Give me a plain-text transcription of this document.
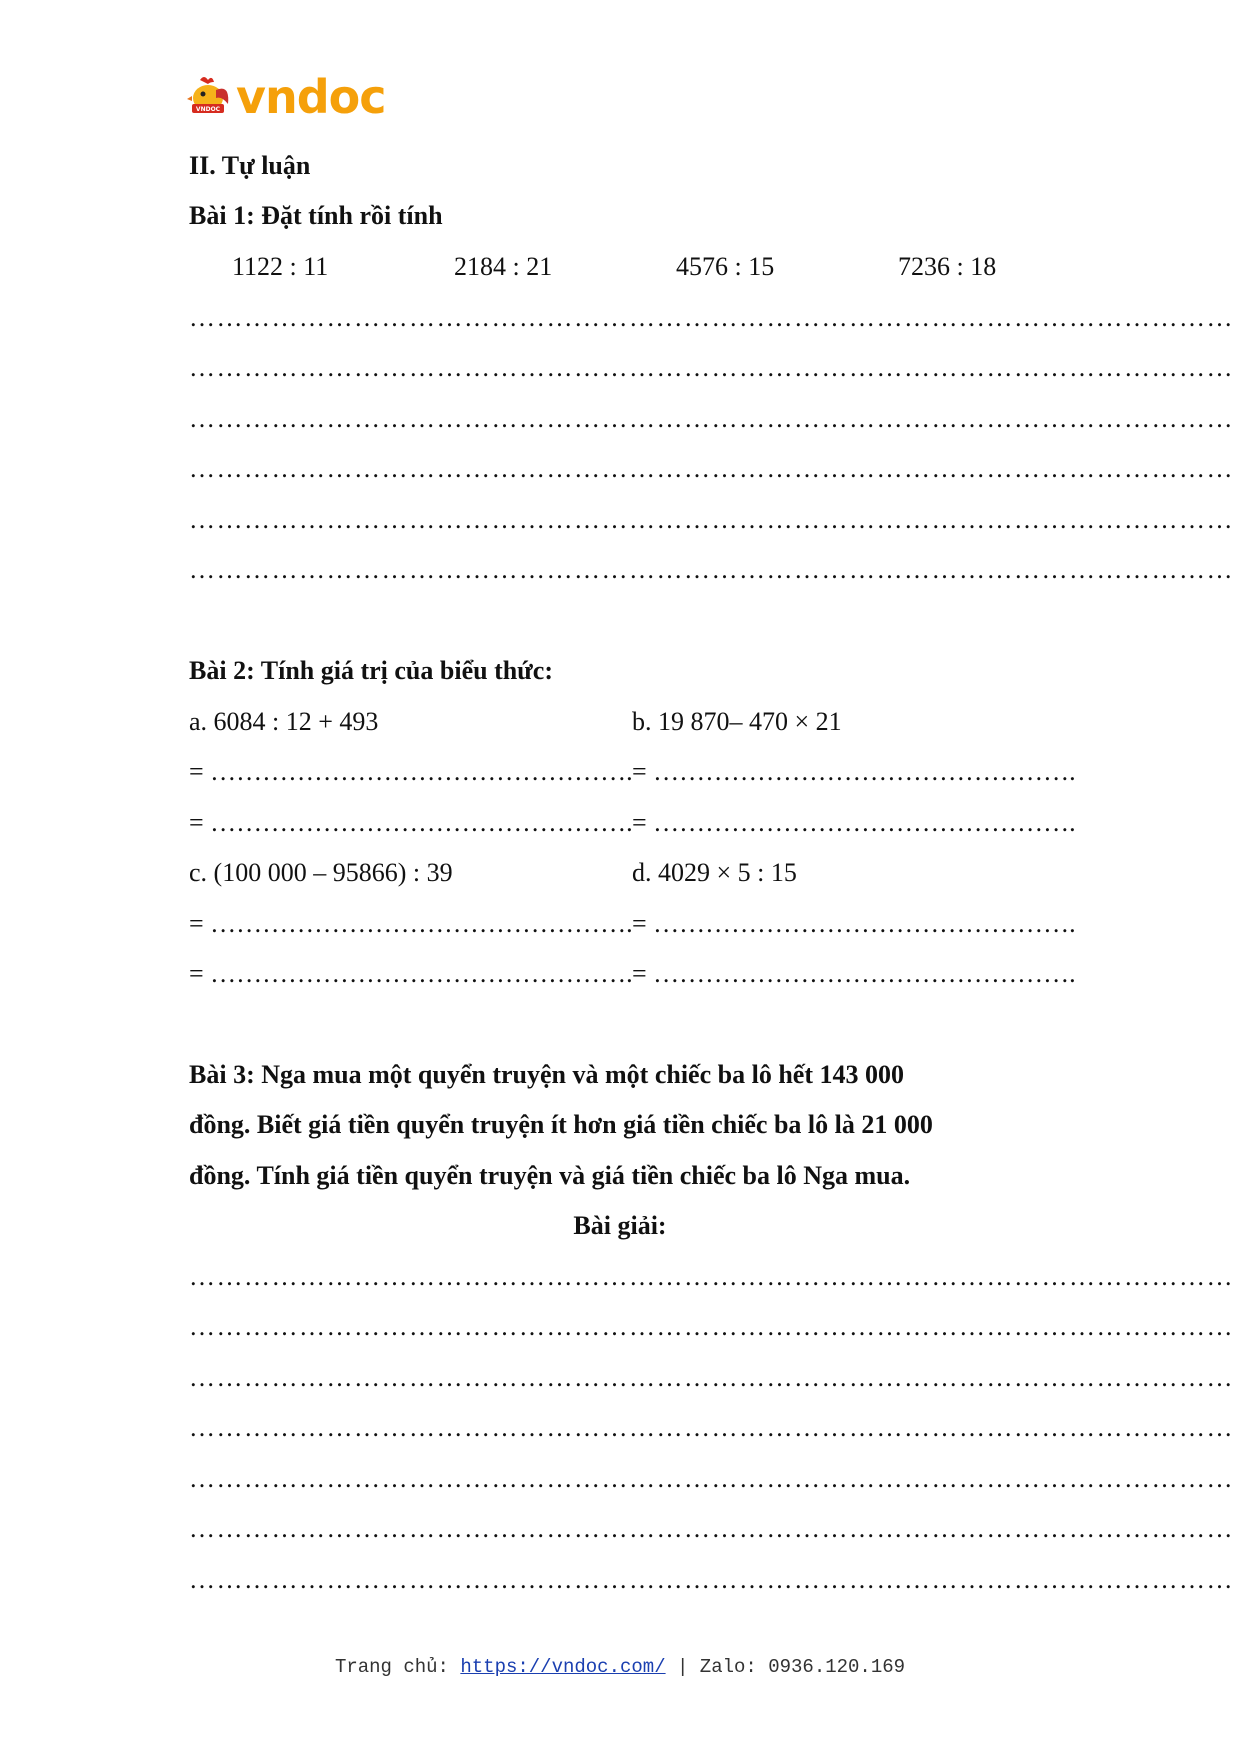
VNDOC vndoc
II. Tự luận
Bài 1: Đặt tính rồi tính
1122 : 11	2184 : 21	4576 : 15	7236 : 18
……………………………………………………………………………………………………
……………………………………………………………………………………………………
……………………………………………………………………………………………………
……………………………………………………………………………………………………
……………………………………………………………………………………………………
……………………………………………………………………………………………………
Bài 2: Tính giá trị của biểu thức:
a. 6084 : 12 + 493	b. 19 870– 470 × 21
= …………………………………………. = ………………………………………….
= …………………………………………. = ………………………………………….
c. (100 000 – 95866) : 39	d. 4029 × 5 : 15
= …………………………………………. = ………………………………………….
= …………………………………………. = ………………………………………….
Bài 3: Nga mua một quyển truyện và một chiếc ba lô hết 143 000
đồng. Biết giá tiền quyển truyện ít hơn giá tiền chiếc ba lô là 21 000
đồng. Tính giá tiền quyển truyện và giá tiền chiếc ba lô Nga mua.
Bài giải:
……………………………………………………………………………………………………
……………………………………………………………………………………………………
……………………………………………………………………………………………………
……………………………………………………………………………………………………
……………………………………………………………………………………………………
……………………………………………………………………………………………………
……………………………………………………………………………………………………
Trang chủ: https://vndoc.com/ | Zalo: 0936.120.169
